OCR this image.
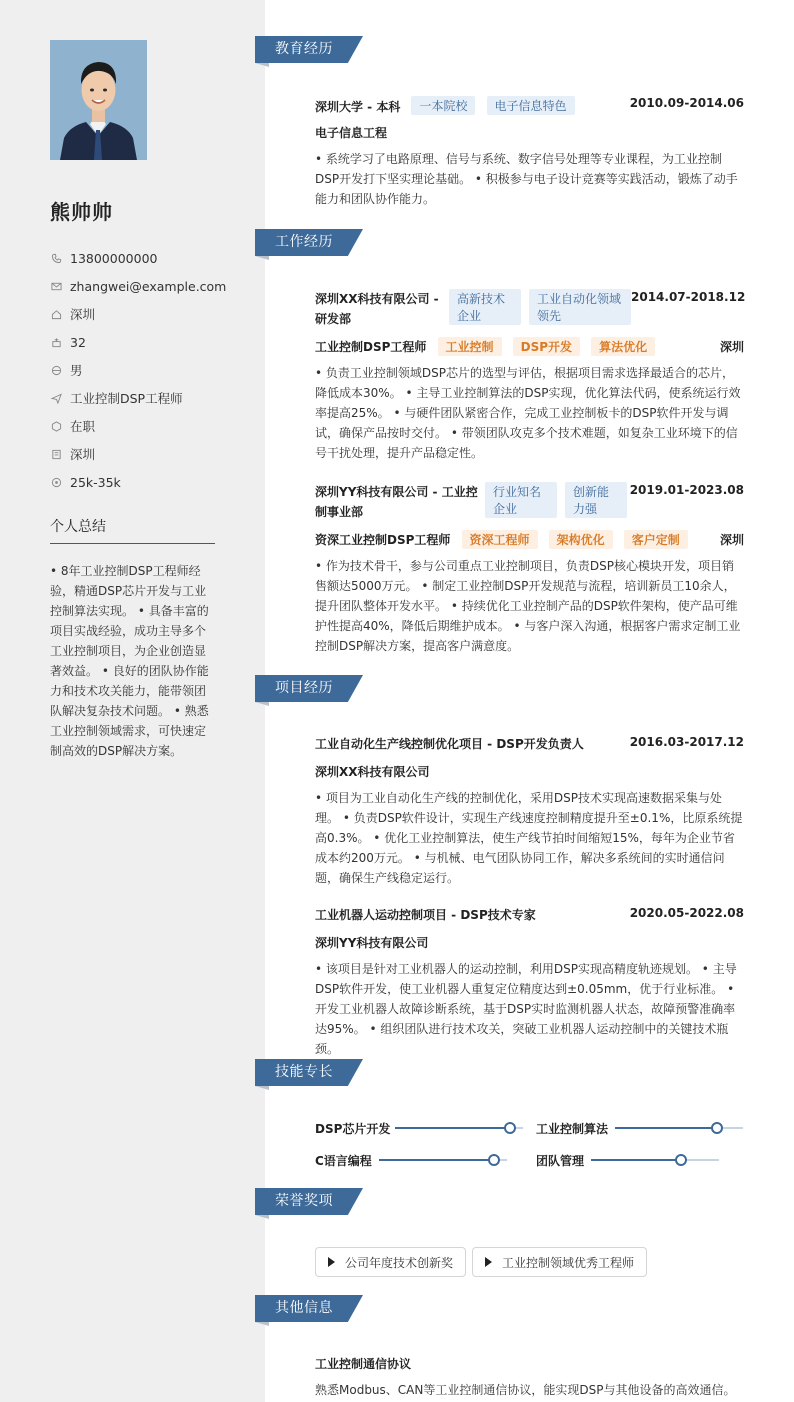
熊帅帅
13800000000
zhangwei@example.com
深圳
32
男
工业控制DSP工程师
在职
深圳
25k-35k
个人总结
• 8年工业控制DSP工程师经验，精通DSP芯片开发与工业控制算法实现。 • 具备丰富的项目实战经验，成功主导多个工业控制项目，为企业创造显著效益。 • 良好的团队协作能力和技术攻关能力，能带领团队解决复杂技术问题。 • 熟悉工业控制领域需求，可快速定制高效的DSP解决方案。
教育经历
深圳大学 - 本科 一本院校 电子信息特色	2010.09-2014.06
电子信息工程
• 系统学习了电路原理、信号与系统、数字信号处理等专业课程，为工业控制DSP开发打下坚实理论基础。 • 积极参与电子设计竞赛等实践活动，锻炼了动手能力和团队协作能力。
工作经历
深圳XX科技有限公司 - 研发部
高新技术企业
工业自动化领域领先
2014.07-2018.12
工业控制DSP工程师 工业控制 DSP开发 算法优化	深圳
• 负责工业控制领域DSP芯片的选型与评估，根据项目需求选择最适合的芯片，降低成本30%。 • 主导工业控制算法的DSP实现，优化算法代码，使系统运行效率提高25%。 • 与硬件团队紧密合作，完成工业控制板卡的DSP软件开发与调试，确保产品按时交付。 • 带领团队攻克多个技术难题，如复杂工业环境下的信号干扰处理，提升产品稳定性。
深圳YY科技有限公司 - 工业控制事业部
行业知名企业
创新能力强
2019.01-2023.08
资深工业控制DSP工程师 资深工程师 架构优化 客户定制	深圳
• 作为技术骨干，参与公司重点工业控制项目，负责DSP核心模块开发，项目销售额达5000万元。 • 制定工业控制DSP开发规范与流程，培训新员工10余人，提升团队整体开发水平。 • 持续优化工业控制产品的DSP软件架构，使产品可维护性提高40%，降低后期维护成本。 • 与客户深入沟通，根据客户需求定制工业控制DSP解决方案，提高客户满意度。
项目经历
工业自动化生产线控制优化项目 - DSP开发负责人	2016.03-2017.12
深圳XX科技有限公司
• 项目为工业自动化生产线的控制优化，采用DSP技术实现高速数据采集与处理。 • 负责DSP软件设计，实现生产线速度控制精度提升至±0.1%，比原系统提高0.3%。 • 优化工业控制算法，使生产线节拍时间缩短15%，每年为企业节省成本约200万元。 • 与机械、电气团队协同工作，解决多系统间的实时通信问题，确保生产线稳定运行。
工业机器人运动控制项目 - DSP技术专家	2020.05-2022.08
深圳YY科技有限公司
• 该项目是针对工业机器人的运动控制，利用DSP实现高精度轨迹规划。 • 主导DSP软件开发，使工业机器人重复定位精度达到±0.05mm，优于行业标准。 • 开发工业机器人故障诊断系统，基于DSP实时监测机器人状态，故障预警准确率达95%。 • 组织团队进行技术攻关，突破工业机器人运动控制中的关键技术瓶颈。
技能专长
DSP芯片开发	工业控制算法
C语言编程	团队管理
荣誉奖项
公司年度技术创新奖	工业控制领域优秀工程师
其他信息
工业控制通信协议
熟悉Modbus、CAN等工业控制通信协议，能实现DSP与其他设备的高效通信。
